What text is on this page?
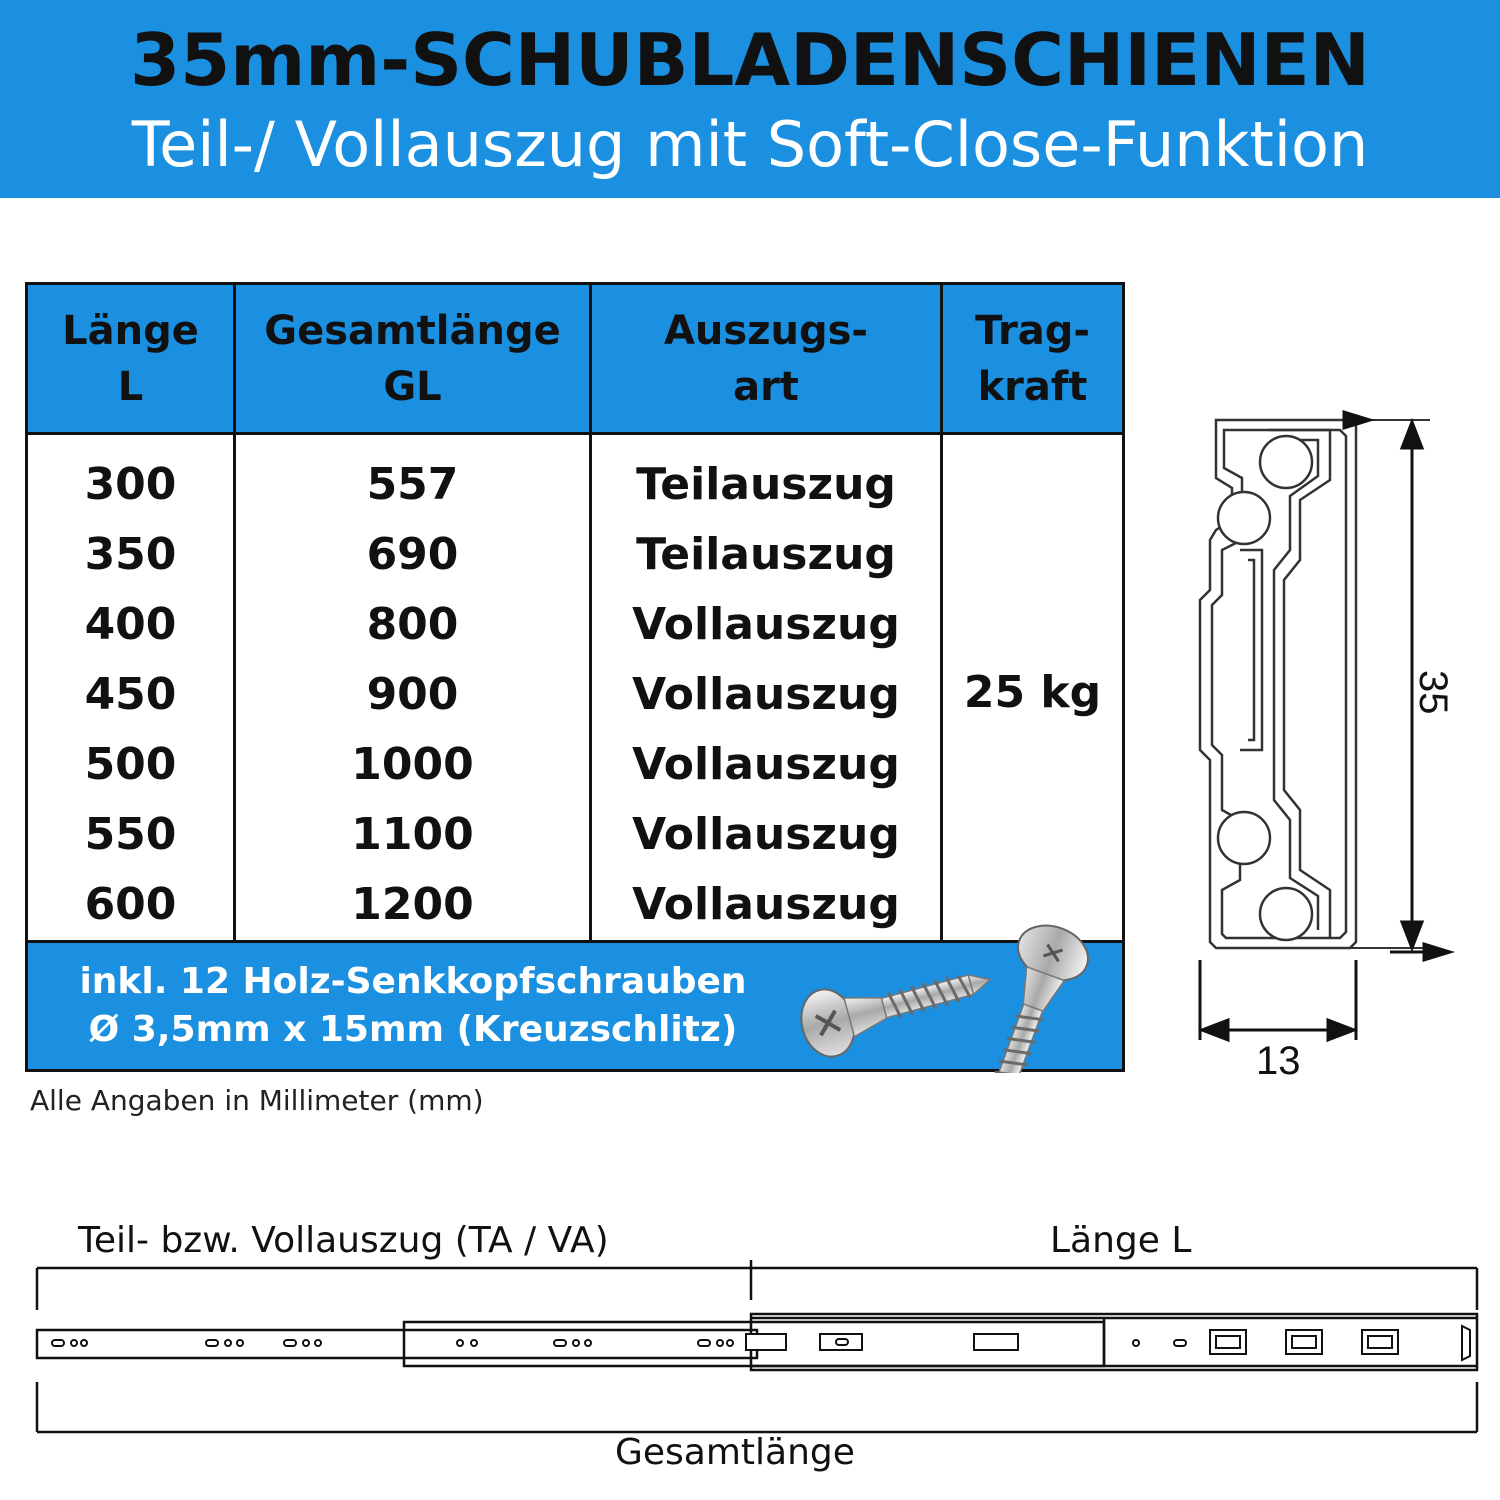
35mm-SCHUBLADENSCHIENEN
Teil-/ Vollauszug mit Soft-Close-Funktion
Länge
L
Gesamtlänge
GL
Auszugs-
art
Trag-
kraft
300
350
400
450
500
550
600
557
690
800
900
1000
1100
1200
Teilauszug
Teilauszug
Vollauszug
Vollauszug
Vollauszug
Vollauszug
Vollauszug
25 kg
inkl. 12 Holz-Senkkopfschrauben
Ø 3,5mm x 15mm (Kreuzschlitz)
Alle Angaben in Millimeter (mm)
35
13
Teil- bzw. Vollauszug (TA / VA)	Länge L
Gesamtlänge
